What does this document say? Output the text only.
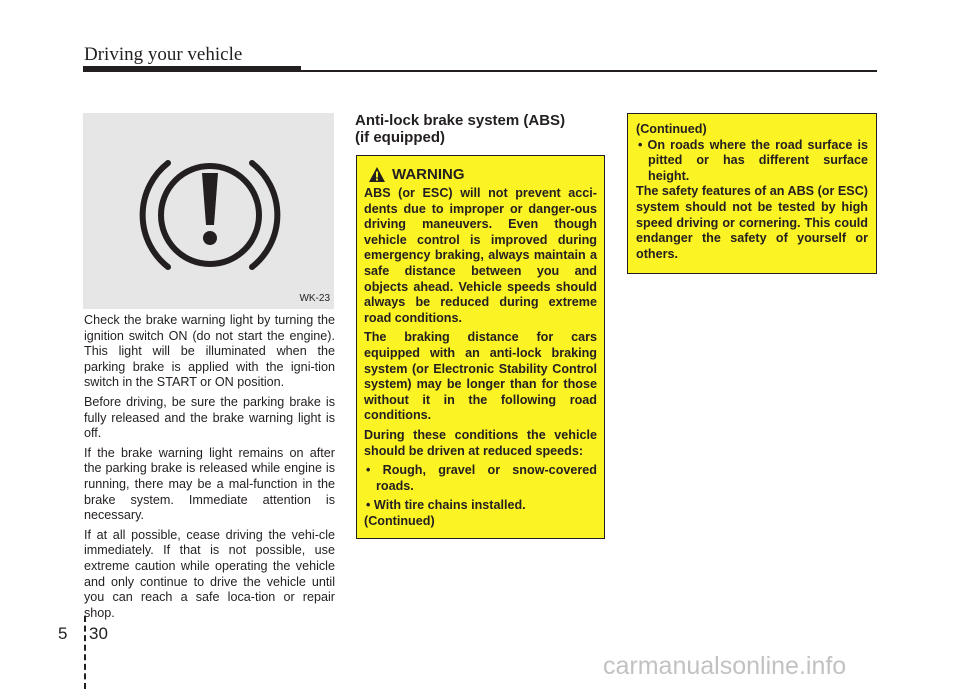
Driving your vehicle
WK-23

Check the brake warning light by turning the ignition switch ON (do not start the engine). This light will be illuminated when the parking brake is applied with the igni-tion switch in the START or ON position.

Before driving, be sure the parking brake is fully released and the brake warning light is off.

If the brake warning light remains on after the parking brake is released while engine is running, there may be a mal-function in the brake system. Immediate attention is necessary.

If at all possible, cease driving the vehi-cle immediately. If that is not possible, use extreme caution while operating the vehicle and only continue to drive the vehicle until you can reach a safe loca-tion or repair shop.

Anti-lock brake system (ABS)
(if equipped)
WARNING

ABS (or ESC) will not prevent acci-dents due to improper or danger-ous driving maneuvers. Even though vehicle control is improved during emergency braking, always maintain a safe distance between you and objects ahead. Vehicle speeds should always be reduced during extreme road conditions.

The braking distance for cars equipped with an anti-lock braking system (or Electronic Stability Control system) may be longer than for those without it in the following road conditions.

During these conditions the vehicle should be driven at reduced speeds:

• Rough, gravel or snow-covered roads.

• With tire chains installed.

(Continued)

(Continued)

• On roads where the road surface is pitted or has different surface height.

The safety features of an ABS (or ESC) system should not be tested by high speed driving or cornering. This could endanger the safety of yourself or others.

5 30
carmanualsonline.info
